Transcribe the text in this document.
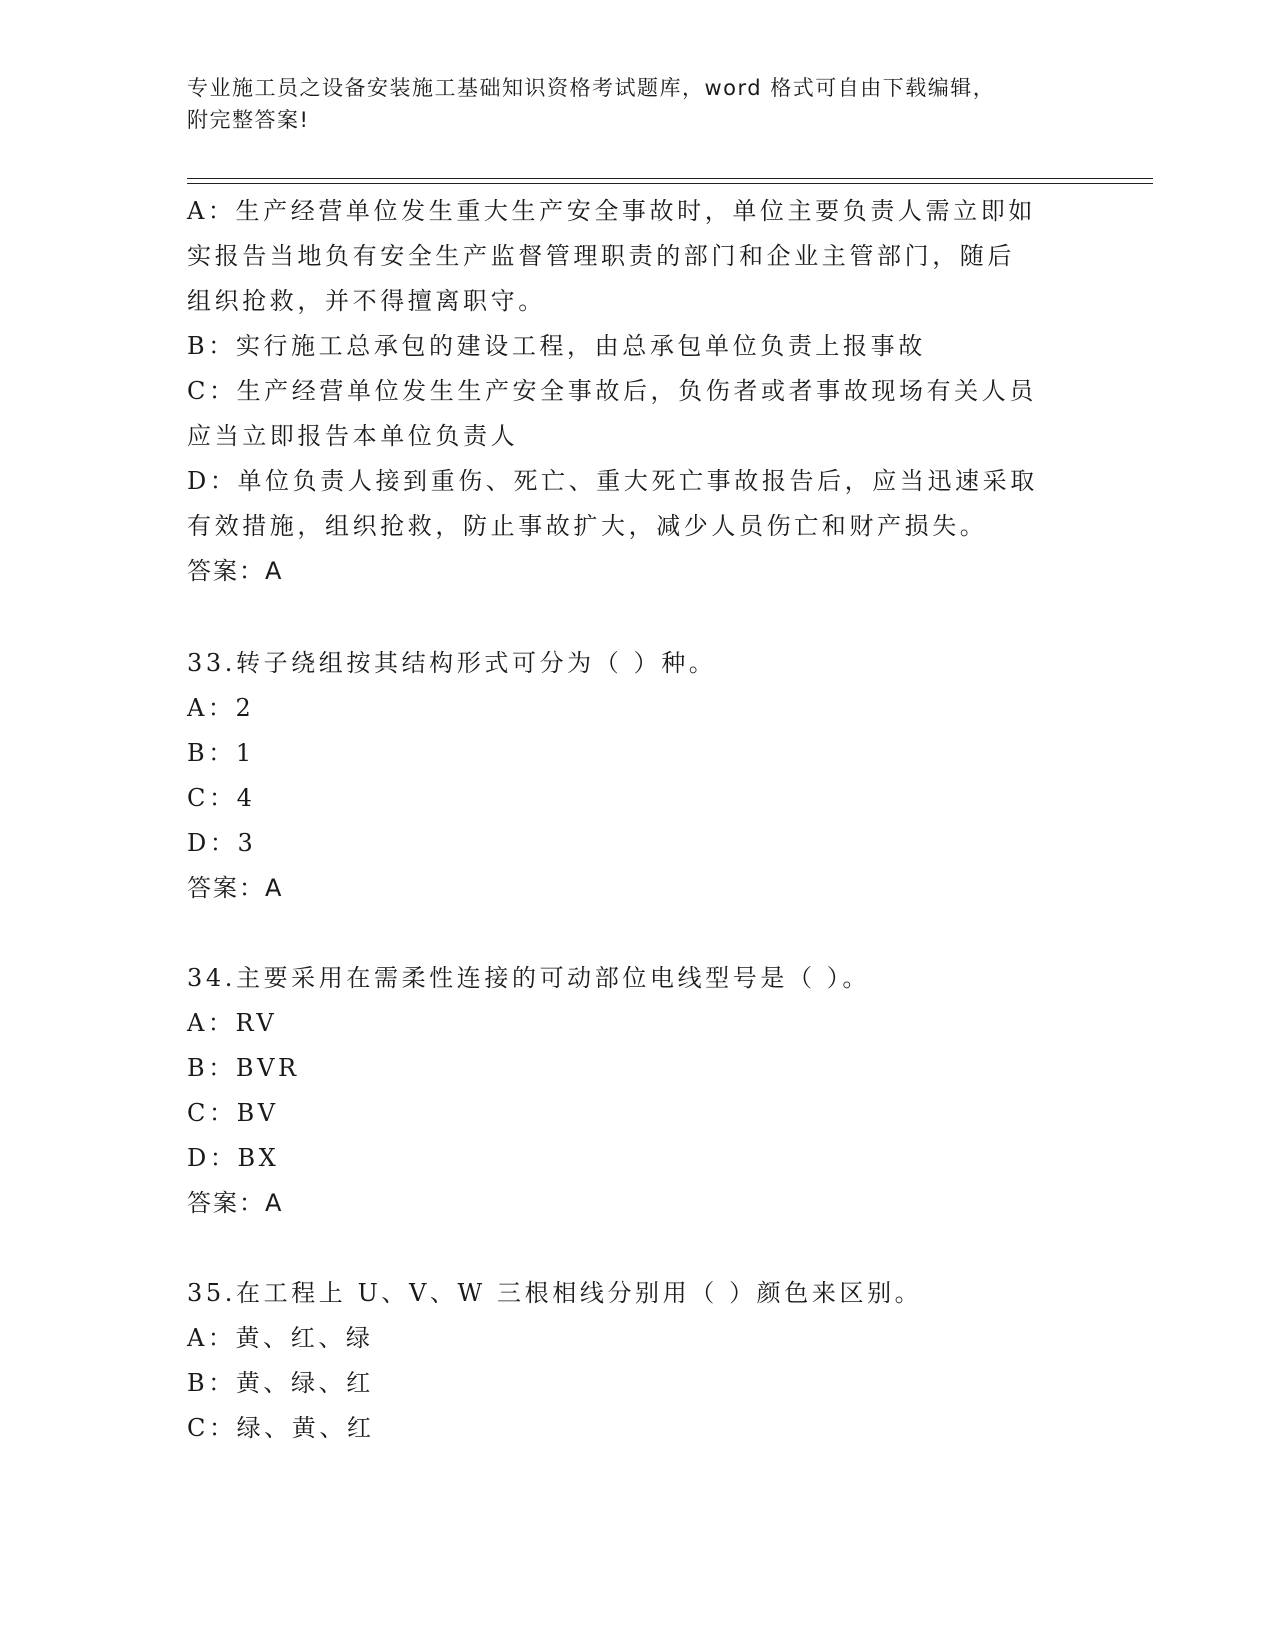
专业施工员之设备安装施工基础知识资格考试题库，word 格式可自由下载编辑，
附完整答案!
A：生产经营单位发生重大生产安全事故时，单位主要负责人需立即如
实报告当地负有安全生产监督管理职责的部门和企业主管部门，随后
组织抢救，并不得擅离职守。
B：实行施工总承包的建设工程，由总承包单位负责上报事故
C：生产经营单位发生生产安全事故后，负伤者或者事故现场有关人员
应当立即报告本单位负责人
D：单位负责人接到重伤、死亡、重大死亡事故报告后，应当迅速采取
有效措施，组织抢救，防止事故扩大，减少人员伤亡和财产损失。
答案：A
33.转子绕组按其结构形式可分为（ ）种。
A：2
B：1
C：4
D：3
答案：A
34.主要采用在需柔性连接的可动部位电线型号是（ ）。
A：RV
B：BVR
C：BV
D：BX
答案：A
35.在工程上 U、V、W 三根相线分别用（ ）颜色来区别。
A：黄、红、绿
B：黄、绿、红
C：绿、黄、红
